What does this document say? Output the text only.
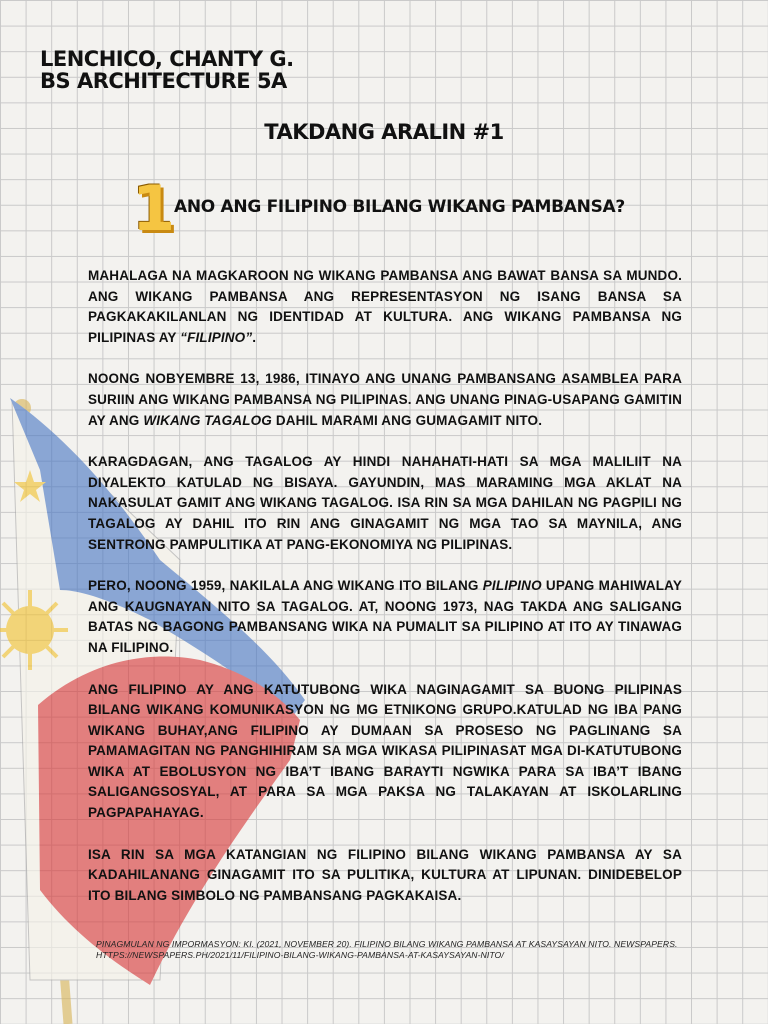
LENCHICO, CHANTY G.
BS ARCHITECTURE 5A
TAKDANG ARALIN #1
1
ANO ANG FILIPINO BILANG WIKANG PAMBANSA?

MAHALAGA NA MAGKAROON NG WIKANG PAMBANSA ANG BAWAT BANSA SA MUNDO. ANG WIKANG PAMBANSA ANG REPRESENTASYON NG ISANG BANSA SA PAGKAKAKILANLAN NG IDENTIDAD AT KULTURA. ANG WIKANG PAMBANSA NG PILIPINAS AY “FILIPINO”.

NOONG NOBYEMBRE 13, 1986, ITINAYO ANG UNANG PAMBANSANG ASAMBLEA PARA SURIIN ANG WIKANG PAMBANSA NG PILIPINAS. ANG UNANG PINAG-USAPANG GAMITIN AY ANG WIKANG TAGALOG DAHIL MARAMI ANG GUMAGAMIT NITO.

KARAGDAGAN, ANG TAGALOG AY HINDI NAHAHATI-HATI SA MGA MALILIIT NA DIYALEKTO KATULAD NG BISAYA. GAYUNDIN, MAS MARAMING MGA AKLAT NA NAKASULAT GAMIT ANG WIKANG TAGALOG. ISA RIN SA MGA DAHILAN NG PAGPILI NG TAGALOG AY DAHIL ITO RIN ANG GINAGAMIT NG MGA TAO SA MAYNILA, ANG SENTRONG PAMPULITIKA AT PANG-EKONOMIYA NG PILIPINAS.

PERO, NOONG 1959, NAKILALA ANG WIKANG ITO BILANG PILIPINO UPANG MAHIWALAY ANG KAUGNAYAN NITO SA TAGALOG. AT, NOONG 1973, NAG TAKDA ANG SALIGANG BATAS NG BAGONG PAMBANSANG WIKA NA PUMALIT SA PILIPINO AT ITO AY TINAWAG NA FILIPINO.

ANG FILIPINO AY ANG KATUTUBONG WIKA NAGINAGAMIT SA BUONG PILIPINAS BILANG WIKANG KOMUNIKASYON NG MG ETNIKONG GRUPO.KATULAD NG IBA PANG WIKANG BUHAY,ANG FILIPINO AY DUMAAN SA PROSESO NG PAGLINANG SA PAMAMAGITAN NG PANGHIHIRAM SA MGA WIKASA PILIPINASAT MGA DI-KATUTUBONG WIKA AT EBOLUSYON NG IBA’T IBANG BARAYTI NGWIKA PARA SA IBA’T IBANG SALIGANGSOSYAL, AT PARA SA MGA PAKSA NG TALAKAYAN AT ISKOLARLING PAGPAPAHAYAG.

ISA RIN SA MGA KATANGIAN NG FILIPINO BILANG WIKANG PAMBANSA AY SA KADAHILANANG GINAGAMIT ITO SA PULITIKA, KULTURA AT LIPUNAN. DINIDEBELOP ITO BILANG SIMBOLO NG PAMBANSANG PAGKAKAISA.

PINAGMULAN NG IMPORMASYON: KI. (2021, NOVEMBER 20). FILIPINO BILANG WIKANG PAMBANSA AT KASAYSAYAN NITO. NEWSPAPERS.
HTTPS://NEWSPAPERS.PH/2021/11/FILIPINO-BILANG-WIKANG-PAMBANSA-AT-KASAYSAYAN-NITO/
